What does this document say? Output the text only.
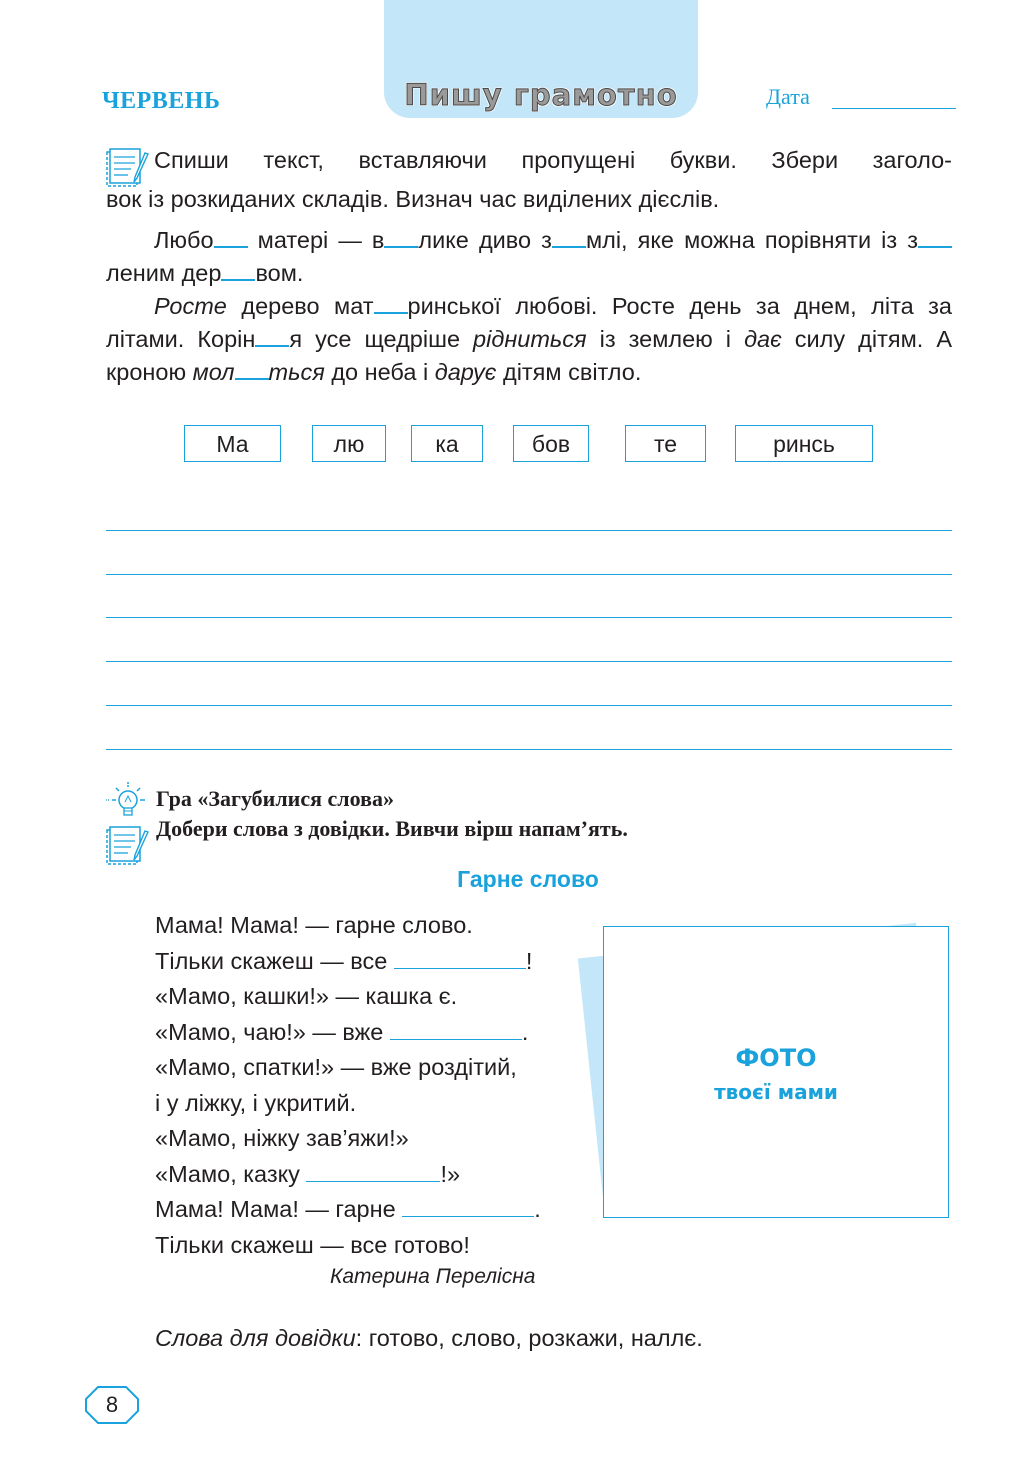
Пишу грамотно
ЧЕРВЕНЬ	Дата

Спиши текст, вставляючи пропущені букви. Збери заголо-

вок із розкиданих складів. Визнач час виділених дієслів.

Любо матері — в лике диво з млі, яке можна порівняти із зленим дер вом.

Росте дерево мат ринської любові. Росте день за днем, літа за літами. Корін я усе щедріше рідниться із землею і дає силу дітям. А кроною мол ться до неба і дарує дітям світло.

Ма	лю	ка	бов	те	ринсь
Гра «Загубилися слова»
Добери слова з довідки. Вивчи вірш напам’ять.
Гарне слово
Мама! Мама! — гарне слово.
Тільки скажеш — все	!
«Мамо, кашки!» — кашка є.
«Мамо, чаю!» — вже	.
«Мамо, спатки!» — вже роздітий,
і у ліжку, і укритий.
«Мамо, ніжку зав’яжи!»
«Мамо, казку	!»
Мама! Мама! — гарне	.
Тільки скажеш — все готово!
Катерина Перелісна
ФОТО
твоєї мами
Слова для довідки: готово, слово, розкажи, наллє.
8
